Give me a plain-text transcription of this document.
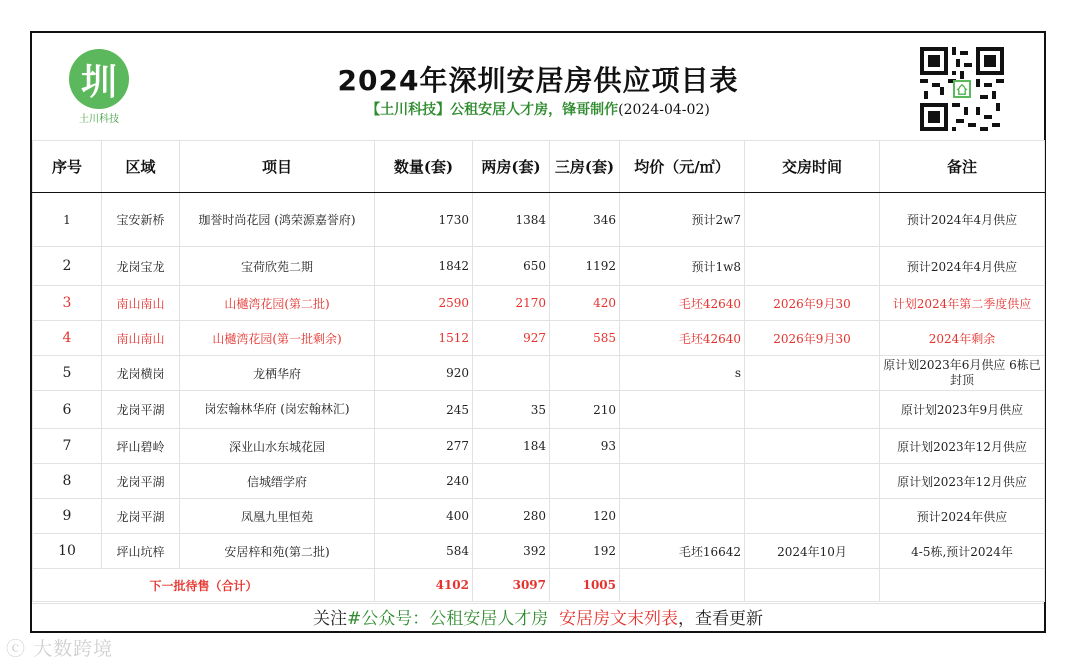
圳
土川科技
2024年深圳安居房供应项目表
【土川科技】公租安居人才房，锋哥制作(2024-04-02)
序号	区域	项目	数量(套)	两房(套)	三房(套)	均价（元/㎡）	交房时间	备注
1	宝安新桥	珈誉时尚花园 (鸿荣源嘉誉府)	1730	1384	346	预计2w7		预计2024年4月供应
2	龙岗宝龙	宝荷欣苑二期	1842	650	1192	预计1w8		预计2024年4月供应
3	南山南山	山樾湾花园(第二批)	2590	2170	420	毛坯42640	2026年9月30	计划2024年第二季度供应
4	南山南山	山樾湾花园(第一批剩余)	1512	927	585	毛坯42640	2026年9月30	2024年剩余
5	龙岗横岗	龙栖华府	920			s		原计划2023年6月供应 6栋已封顶
6	龙岗平湖	岗宏翰林华府 (岗宏翰林汇)	245	35	210			原计划2023年9月供应
7	坪山碧岭	深业山水东城花园	277	184	93			原计划2023年12月供应
8	龙岗平湖	信城缙学府	240					原计划2023年12月供应
9	龙岗平湖	凤凰九里恒苑	400	280	120			预计2024年供应
10	坪山坑梓	安居梓和苑(第二批)	584	392	192	毛坯16642	2024年10月	4-5栋,预计2024年
下一批待售（合计）			4102	3097	1005			
关注#公众号：公租安居人才房 安居房文末列表，查看更新
ⓒ 大数跨境
